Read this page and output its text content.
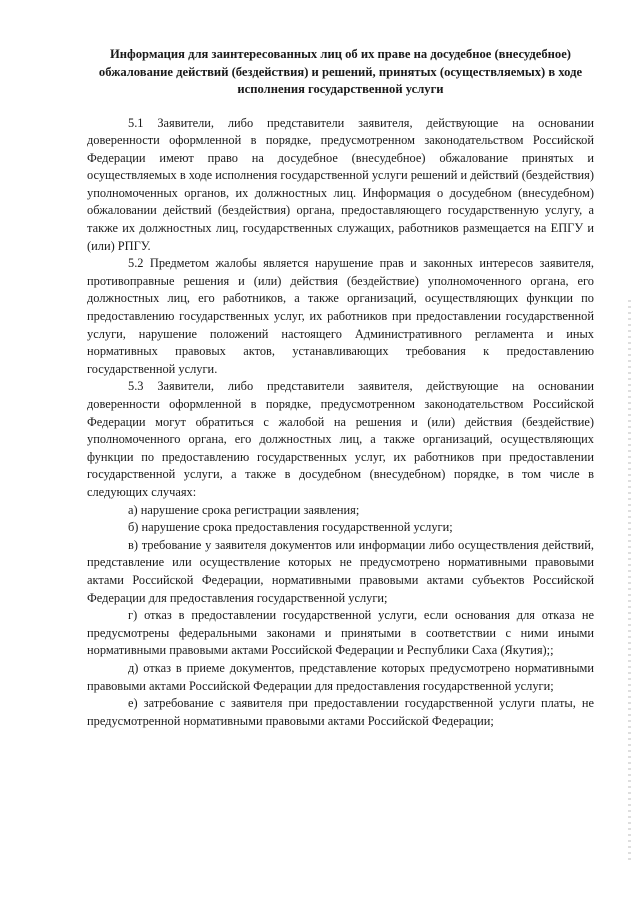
Информация для заинтересованных лиц об их праве на досудебное (внесудебное) обжалование действий (бездействия) и решений, принятых (осуществляемых) в ходе исполнения государственной услуги

5.1 Заявители, либо представители заявителя, действующие на основании доверенности оформленной в порядке, предусмотренном законодательством Российской Федерации имеют право на досудебное (внесудебное) обжалование принятых и осуществляемых в ходе исполнения государственной услуги решений и действий (бездействия) уполномоченных органов, их должностных лиц. Информация о досудебном (внесудебном) обжаловании действий (бездействия) органа, предоставляющего государственную услугу, а также их должностных лиц, государственных служащих, работников размещается на ЕПГУ и (или) РПГУ.

5.2 Предметом жалобы является нарушение прав и законных интересов заявителя, противоправные решения и (или) действия (бездействие) уполномоченного органа, его должностных лиц, его работников, а также организаций, осуществляющих функции по предоставлению государственных услуг, их работников при предоставлении государственной услуги, нарушение положений настоящего Административного регламента и иных нормативных правовых актов, устанавливающих требования к предоставлению государственной услуги.

5.3 Заявители, либо представители заявителя, действующие на основании доверенности оформленной в порядке, предусмотренном законодательством Российской Федерации могут обратиться с жалобой на решения и (или) действия (бездействие) уполномоченного органа, его должностных лиц, а также организаций, осуществляющих функции по предоставлению государственных услуг, их работников при предоставлении государственной услуги, а также в досудебном (внесудебном) порядке, в том числе в следующих случаях:

а) нарушение срока регистрации заявления;

б) нарушение срока предоставления государственной услуги;

в) требование у заявителя документов или информации либо осуществления действий, представление или осуществление которых не предусмотрено нормативными правовыми актами Российской Федерации, нормативными правовыми актами субъектов Российской Федерации для предоставления государственной услуги;

г) отказ в предоставлении государственной услуги, если основания для отказа не предусмотрены федеральными законами и принятыми в соответствии с ними иными нормативными правовыми актами Российской Федерации и Республики Саха (Якутия);;

д) отказ в приеме документов, представление которых предусмотрено нормативными правовыми актами Российской Федерации для предоставления государственной услуги;

е) затребование с заявителя при предоставлении государственной услуги платы, не предусмотренной нормативными правовыми актами Российской Федерации;
